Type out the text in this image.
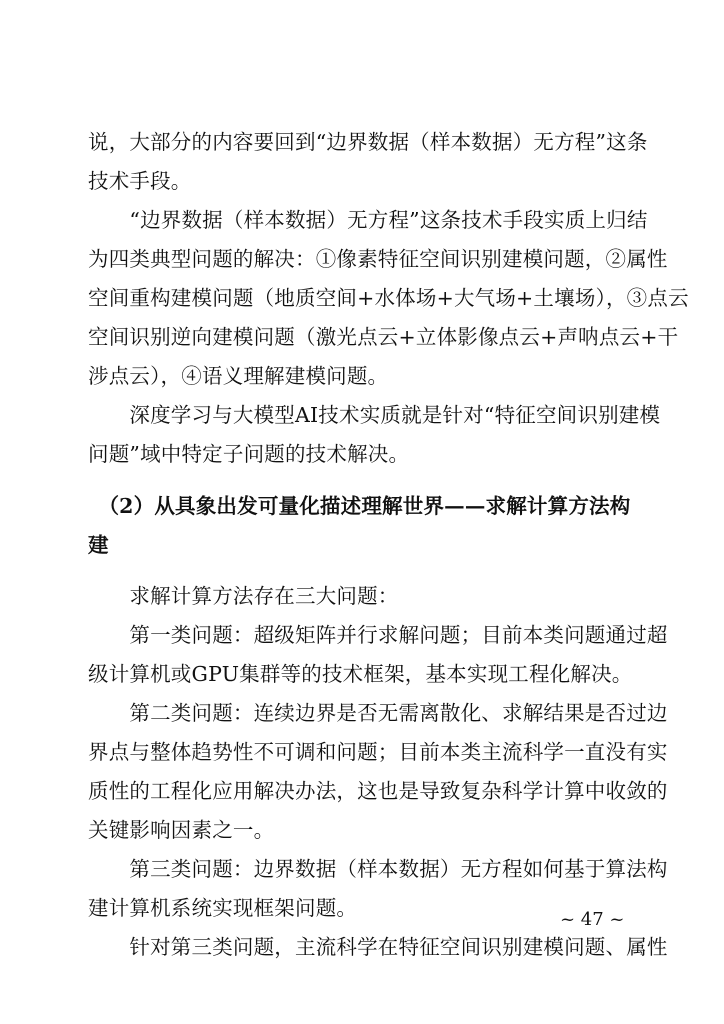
说，大部分的内容要回到“边界数据（样本数据）无方程”这条
技术手段。
　　“边界数据（样本数据）无方程”这条技术手段实质上归结
为四类典型问题的解决：①像素特征空间识别建模问题，②属性
空间重构建模问题（地质空间+水体场+大气场+土壤场），③点云
空间识别逆向建模问题（激光点云+立体影像点云+声呐点云+干
涉点云），④语义理解建模问题。
　　深度学习与大模型AI技术实质就是针对“特征空间识别建模
问题”域中特定子问题的技术解决。
　（2）从具象出发可量化描述理解世界——求解计算方法构
建
　　求解计算方法存在三大问题：
　　第一类问题：超级矩阵并行求解问题；目前本类问题通过超
级计算机或GPU集群等的技术框架，基本实现工程化解决。
　　第二类问题：连续边界是否无需离散化、求解结果是否过边
界点与整体趋势性不可调和问题；目前本类主流科学一直没有实
质性的工程化应用解决办法，这也是导致复杂科学计算中收敛的
关键影响因素之一。
　　第三类问题：边界数据（样本数据）无方程如何基于算法构
建计算机系统实现框架问题。
　　针对第三类问题，主流科学在特征空间识别建模问题、属性
~ 47 ~
